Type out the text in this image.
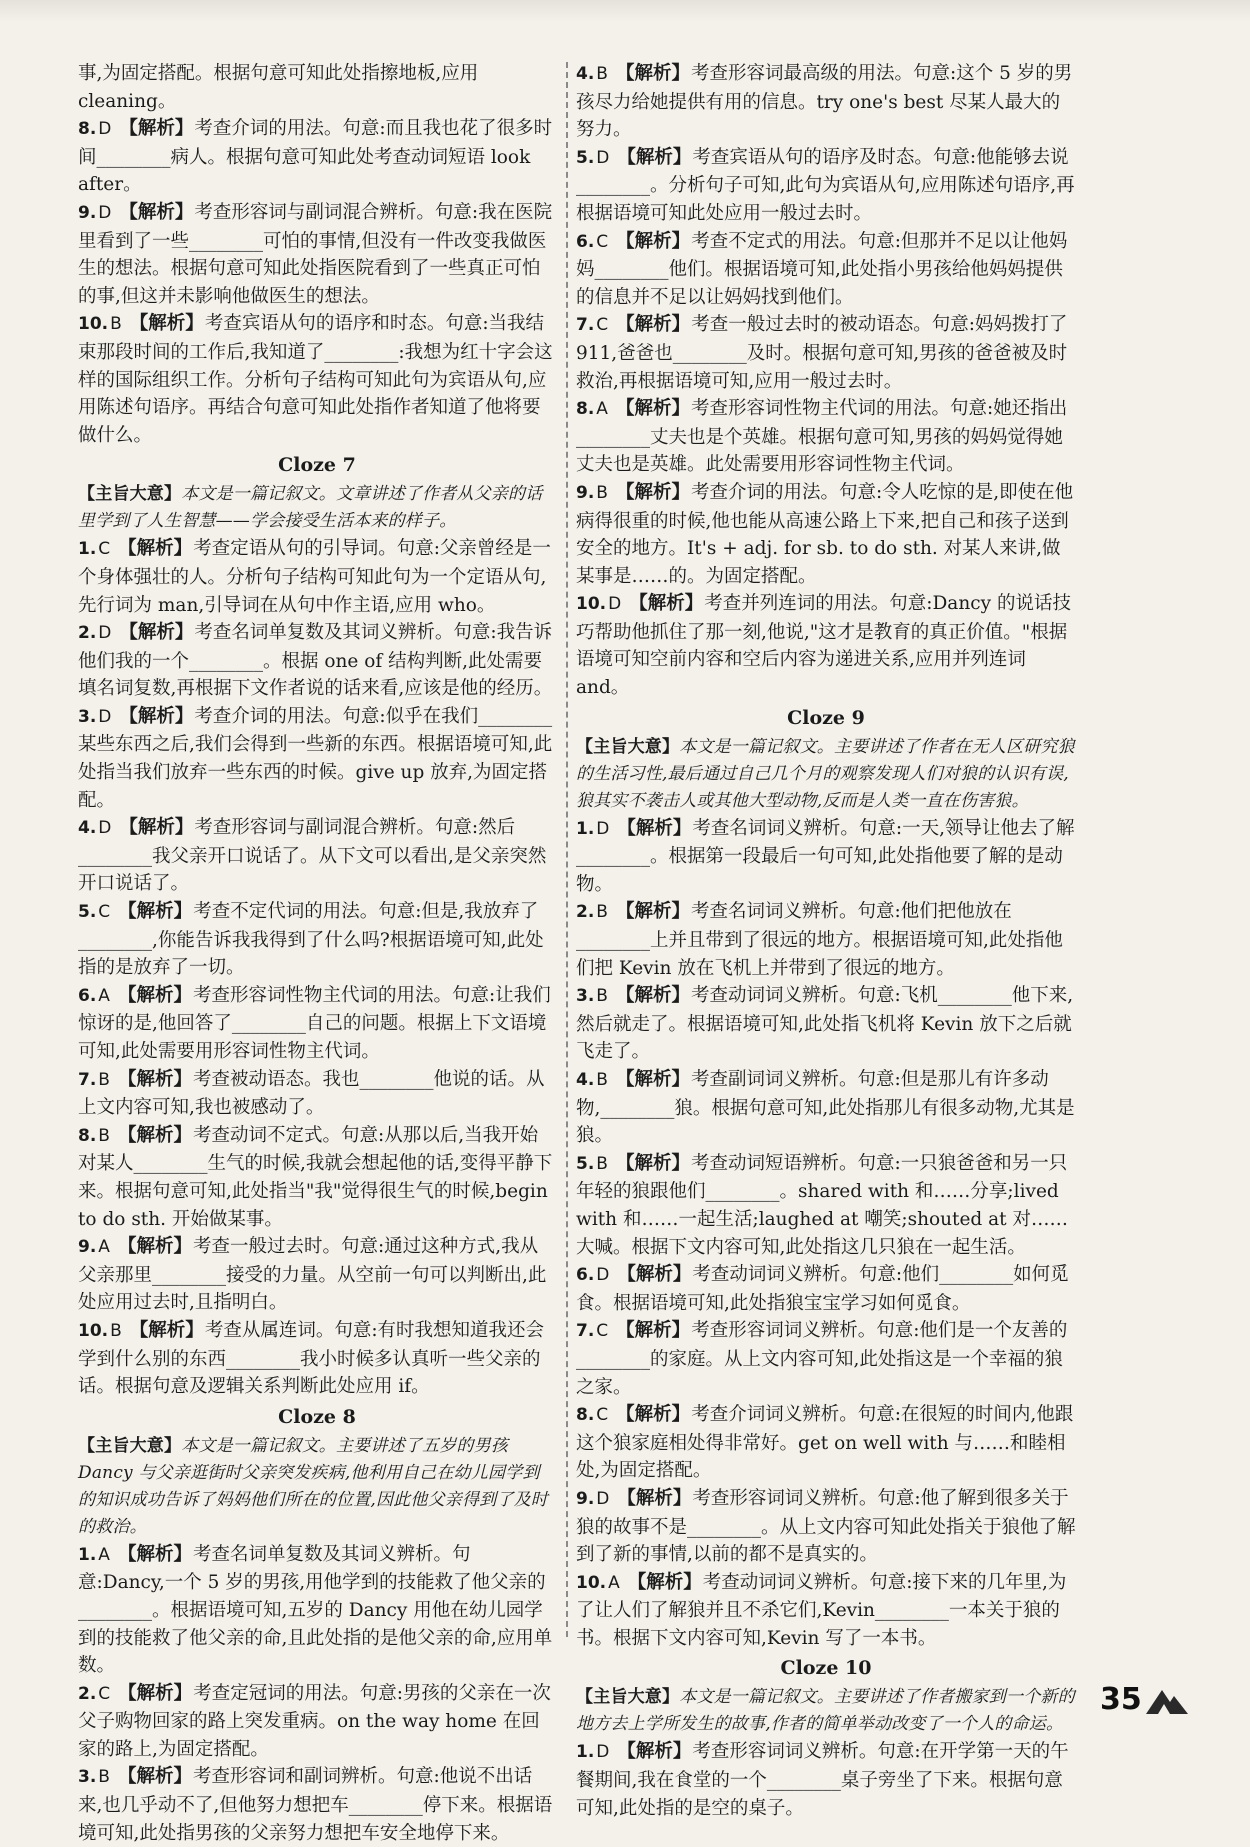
事,为固定搭配。根据句意可知此处指擦地板,应用 cleaning。

8. D 【解析】考查介词的用法。句意:而且我也花了很多时间________病人。根据句意可知此处考查动词短语 look after。

9. D 【解析】考查形容词与副词混合辨析。句意:我在医院里看到了一些________可怕的事情,但没有一件改变我做医生的想法。根据句意可知此处指医院看到了一些真正可怕的事,但这并未影响他做医生的想法。

10. B 【解析】考查宾语从句的语序和时态。句意:当我结束那段时间的工作后,我知道了________:我想为红十字会这样的国际组织工作。分析句子结构可知此句为宾语从句,应用陈述句语序。再结合句意可知此处指作者知道了他将要做什么。

Cloze 7

【主旨大意】本文是一篇记叙文。文章讲述了作者从父亲的话里学到了人生智慧——学会接受生活本来的样子。

1. C 【解析】考查定语从句的引导词。句意:父亲曾经是一个身体强壮的人。分析句子结构可知此句为一个定语从句,先行词为 man,引导词在从句中作主语,应用 who。

2. D 【解析】考查名词单复数及其词义辨析。句意:我告诉他们我的一个________。根据 one of 结构判断,此处需要填名词复数,再根据下文作者说的话来看,应该是他的经历。

3. D 【解析】考查介词的用法。句意:似乎在我们________某些东西之后,我们会得到一些新的东西。根据语境可知,此处指当我们放弃一些东西的时候。give up 放弃,为固定搭配。

4. D 【解析】考查形容词与副词混合辨析。句意:然后________我父亲开口说话了。从下文可以看出,是父亲突然开口说话了。

5. C 【解析】考查不定代词的用法。句意:但是,我放弃了________,你能告诉我我得到了什么吗?根据语境可知,此处指的是放弃了一切。

6. A 【解析】考查形容词性物主代词的用法。句意:让我们惊讶的是,他回答了________自己的问题。根据上下文语境可知,此处需要用形容词性物主代词。

7. B 【解析】考查被动语态。我也________他说的话。从上文内容可知,我也被感动了。

8. B 【解析】考查动词不定式。句意:从那以后,当我开始对某人________生气的时候,我就会想起他的话,变得平静下来。根据句意可知,此处指当"我"觉得很生气的时候,begin to do sth. 开始做某事。

9. A 【解析】考查一般过去时。句意:通过这种方式,我从父亲那里________接受的力量。从空前一句可以判断出,此处应用过去时,且指明白。

10. B 【解析】考查从属连词。句意:有时我想知道我还会学到什么别的东西________我小时候多认真听一些父亲的话。根据句意及逻辑关系判断此处应用 if。

Cloze 8

【主旨大意】本文是一篇记叙文。主要讲述了五岁的男孩 Dancy 与父亲逛街时父亲突发疾病,他利用自己在幼儿园学到的知识成功告诉了妈妈他们所在的位置,因此他父亲得到了及时的救治。

1. A 【解析】考查名词单复数及其词义辨析。句意:Dancy,一个 5 岁的男孩,用他学到的技能救了他父亲的________。根据语境可知,五岁的 Dancy 用他在幼儿园学到的技能救了他父亲的命,且此处指的是他父亲的命,应用单数。

2. C 【解析】考查定冠词的用法。句意:男孩的父亲在一次父子购物回家的路上突发重病。on the way home 在回家的路上,为固定搭配。

3. B 【解析】考查形容词和副词辨析。句意:他说不出话来,也几乎动不了,但他努力想把车________停下来。根据语境可知,此处指男孩的父亲努力想把车安全地停下来。

4. B 【解析】考查形容词最高级的用法。句意:这个 5 岁的男孩尽力给她提供有用的信息。try one's best 尽某人最大的努力。

5. D 【解析】考查宾语从句的语序及时态。句意:他能够去说________。分析句子可知,此句为宾语从句,应用陈述句语序,再根据语境可知此处应用一般过去时。

6. C 【解析】考查不定式的用法。句意:但那并不足以让他妈妈________他们。根据语境可知,此处指小男孩给他妈妈提供的信息并不足以让妈妈找到他们。

7. C 【解析】考查一般过去时的被动语态。句意:妈妈拨打了 911,爸爸也________及时。根据句意可知,男孩的爸爸被及时救治,再根据语境可知,应用一般过去时。

8. A 【解析】考查形容词性物主代词的用法。句意:她还指出________丈夫也是个英雄。根据句意可知,男孩的妈妈觉得她丈夫也是英雄。此处需要用形容词性物主代词。

9. B 【解析】考查介词的用法。句意:令人吃惊的是,即使在他病得很重的时候,他也能从高速公路上下来,把自己和孩子送到安全的地方。It's + adj. for sb. to do sth. 对某人来讲,做某事是……的。为固定搭配。

10. D 【解析】考查并列连词的用法。句意:Dancy 的说话技巧帮助他抓住了那一刻,他说,"这才是教育的真正价值。"根据语境可知空前内容和空后内容为递进关系,应用并列连词 and。

Cloze 9

【主旨大意】本文是一篇记叙文。主要讲述了作者在无人区研究狼的生活习性,最后通过自己几个月的观察发现人们对狼的认识有误,狼其实不袭击人或其他大型动物,反而是人类一直在伤害狼。

1. D 【解析】考查名词词义辨析。句意:一天,领导让他去了解________。根据第一段最后一句可知,此处指他要了解的是动物。

2. B 【解析】考查名词词义辨析。句意:他们把他放在________上并且带到了很远的地方。根据语境可知,此处指他们把 Kevin 放在飞机上并带到了很远的地方。

3. B 【解析】考查动词词义辨析。句意:飞机________他下来,然后就走了。根据语境可知,此处指飞机将 Kevin 放下之后就飞走了。

4. B 【解析】考查副词词义辨析。句意:但是那儿有许多动物,________狼。根据句意可知,此处指那儿有很多动物,尤其是狼。

5. B 【解析】考查动词短语辨析。句意:一只狼爸爸和另一只年轻的狼跟他们________。shared with 和……分享;lived with 和……一起生活;laughed at 嘲笑;shouted at 对……大喊。根据下文内容可知,此处指这几只狼在一起生活。

6. D 【解析】考查动词词义辨析。句意:他们________如何觅食。根据语境可知,此处指狼宝宝学习如何觅食。

7. C 【解析】考查形容词词义辨析。句意:他们是一个友善的________的家庭。从上文内容可知,此处指这是一个幸福的狼之家。

8. C 【解析】考查介词词义辨析。句意:在很短的时间内,他跟这个狼家庭相处得非常好。get on well with 与……和睦相处,为固定搭配。

9. D 【解析】考查形容词词义辨析。句意:他了解到很多关于狼的故事不是________。从上文内容可知此处指关于狼他了解到了新的事情,以前的都不是真实的。

10. A 【解析】考查动词词义辨析。句意:接下来的几年里,为了让人们了解狼并且不杀它们,Kevin________一本关于狼的书。根据下文内容可知,Kevin 写了一本书。

Cloze 10

【主旨大意】本文是一篇记叙文。主要讲述了作者搬家到一个新的地方去上学所发生的故事,作者的简单举动改变了一个人的命运。

1. D 【解析】考查形容词词义辨析。句意:在开学第一天的午餐期间,我在食堂的一个________桌子旁坐了下来。根据句意可知,此处指的是空的桌子。

35
